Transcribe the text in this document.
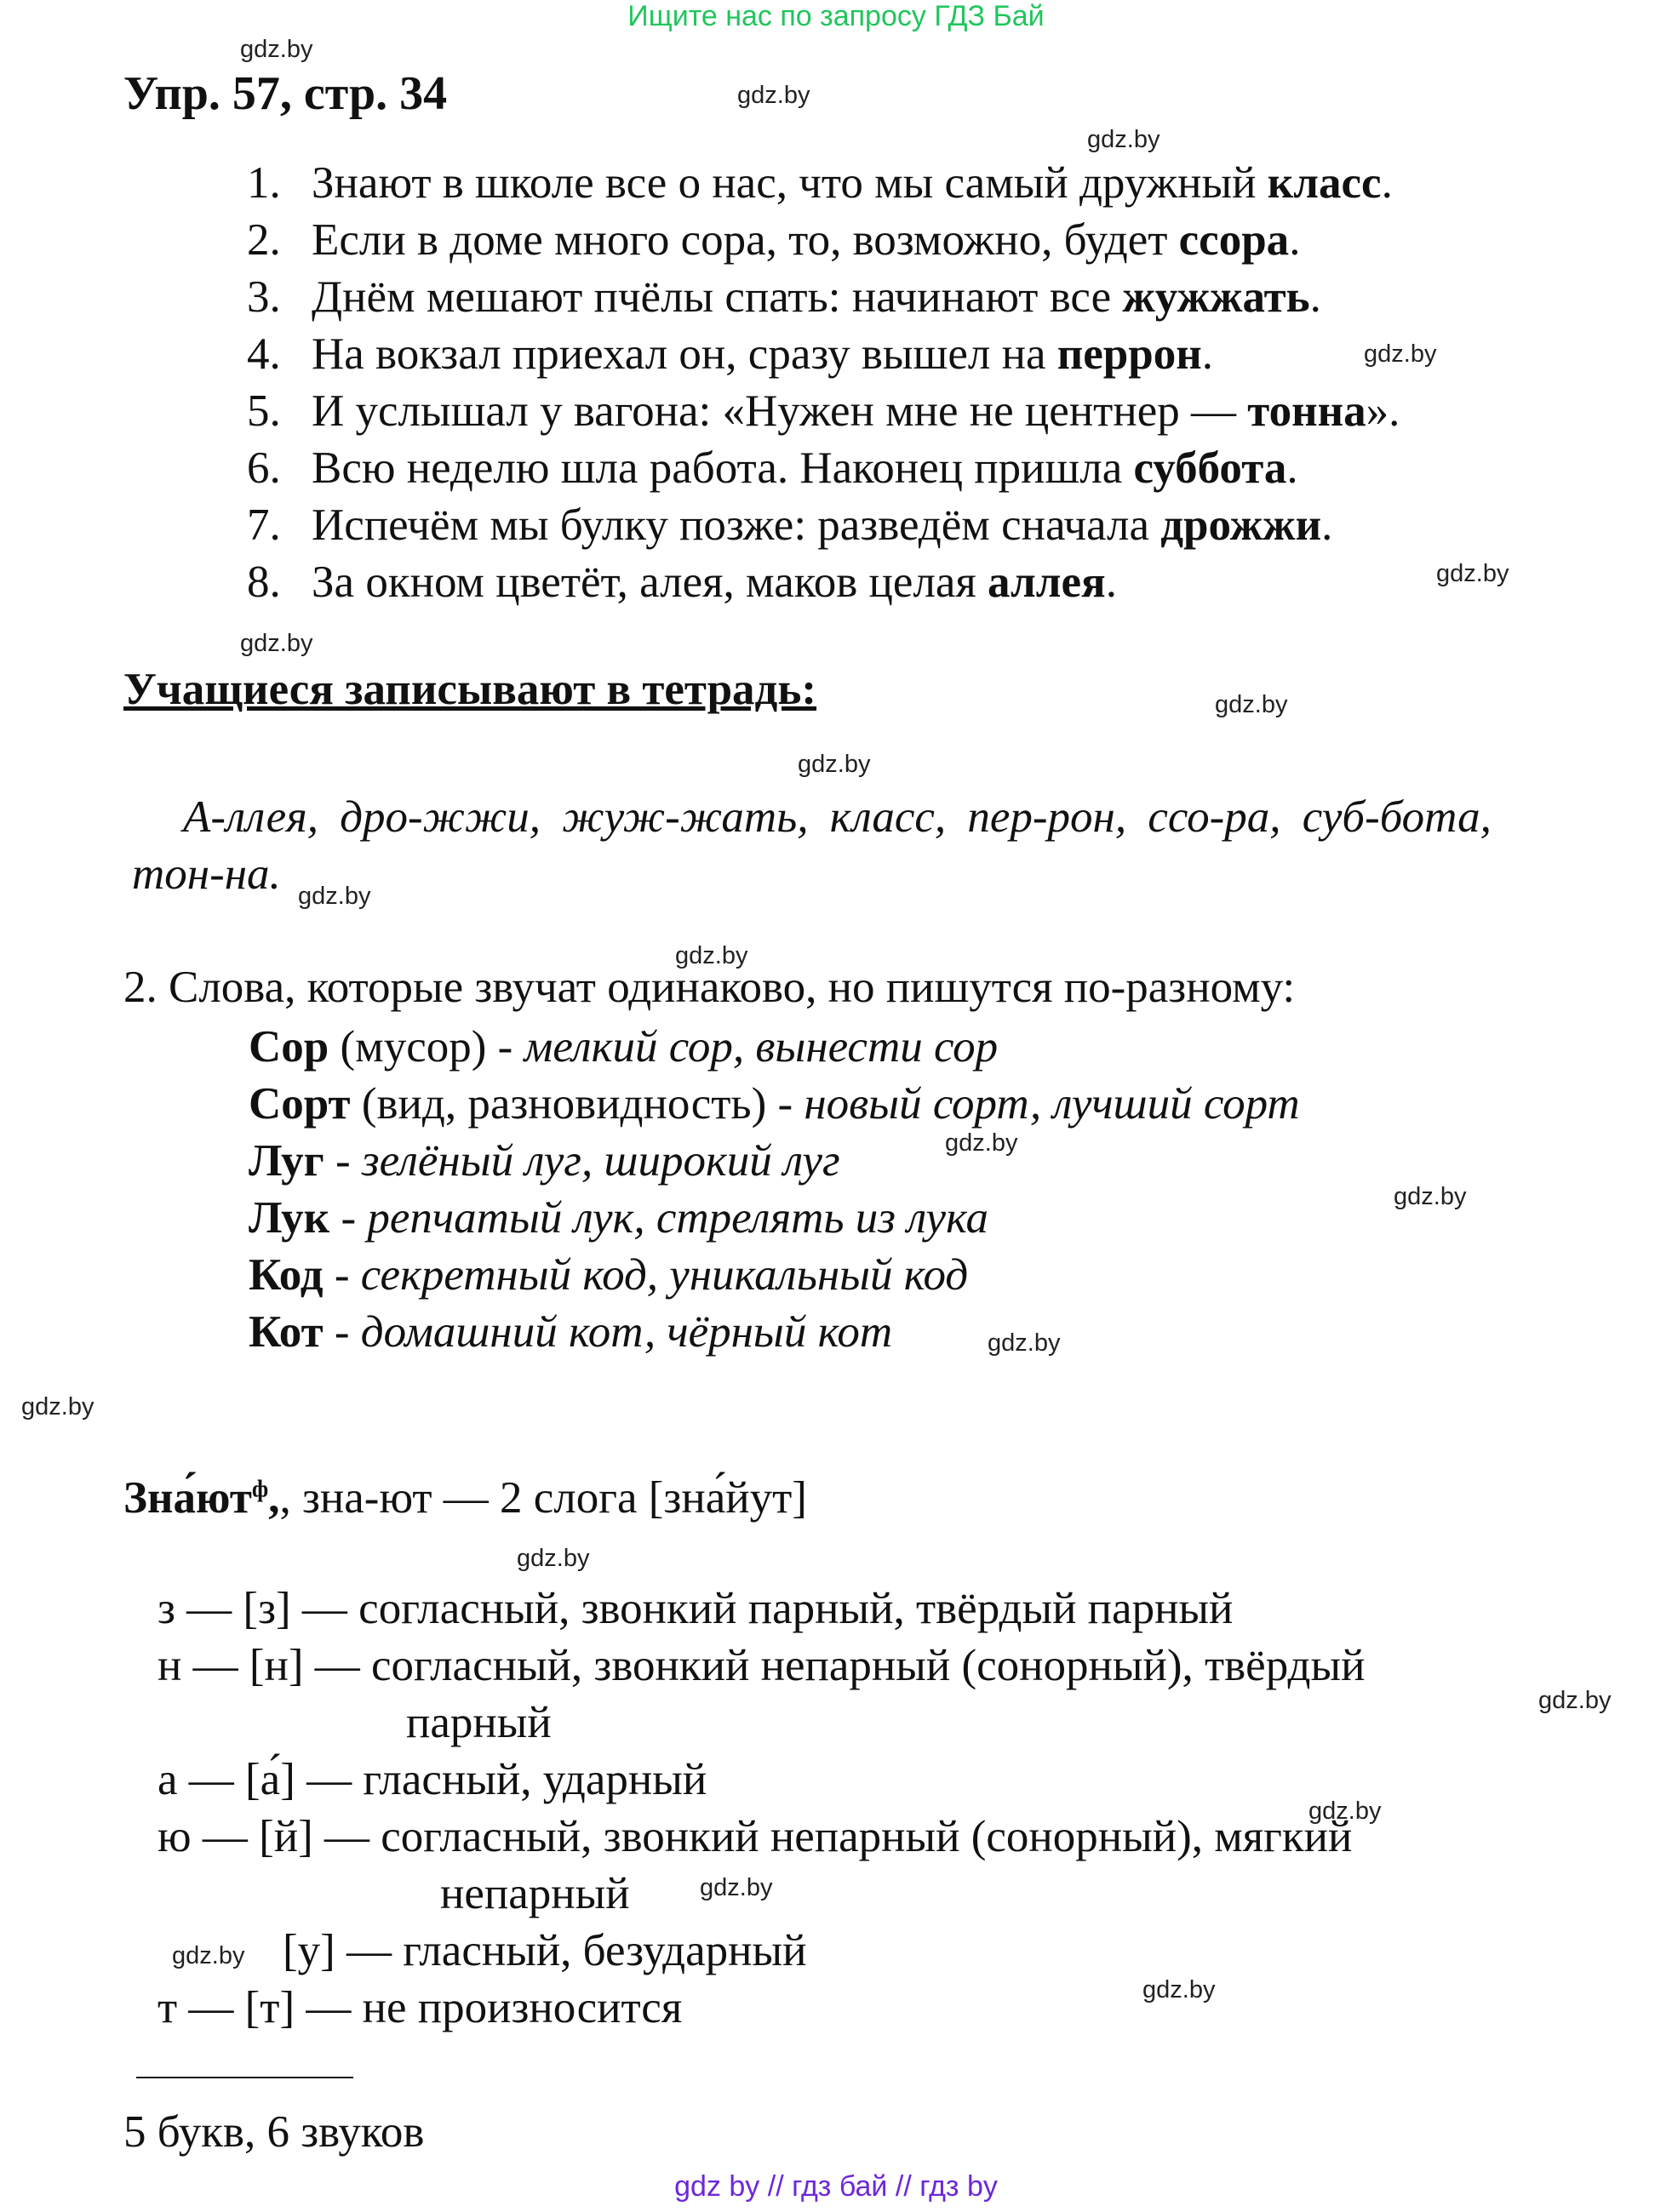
Ищите нас по запросу ГДЗ Бай
gdz.by
gdz.by
gdz.by
gdz.by
gdz.by
gdz.by
gdz.by
gdz.by
gdz.by
gdz.by
gdz.by
gdz.by
gdz.by
gdz.by
gdz.by
gdz.by
gdz.by
gdz.by
gdz.by
gdz.by
Упр. 57, стр. 34
1. Знают в школе все о нас, что мы самый дружный класс.
2. Если в доме много сора, то, возможно, будет ссора.
3. Днём мешают пчёлы спать: начинают все жужжать.
4. На вокзал приехал он, сразу вышел на перрон.
5. И услышал у вагона: «Нужен мне не центнер — тонна».
6. Всю неделю шла работа. Наконец пришла суббота.
7. Испечём мы булку позже: разведём сначала дрожжи.
8. За окном цветёт, алея, маков целая аллея.
Учащиеся записывают в тетрадь:
А-ллея, дро-жжи, жуж-жать, класс, пер-рон, ссо-ра, суб-бота,
тон-на.
2. Слова, которые звучат одинаково, но пишутся по-разному:
Сор (мусор) - мелкий сор, вынести сор
Сорт (вид, разновидность) - новый сорт, лучший сорт
Луг - зелёный луг, широкий луг
Лук - репчатый лук, стрелять из лука
Код - секретный код, уникальный код
Кот - домашний кот, чёрный кот
$Зна́ют^ф$,, зна-ют — 2 слога [зна́йут]
з — [з] — согласный, звонкий парный, твёрдый парный
н — [н] — согласный, звонкий непарный (сонорный), твёрдый
парный
а — [а́] — гласный, ударный
ю — [й] — согласный, звонкий непарный (сонорный), мягкий
непарный
[у] — гласный, безударный
т — [т] — не произносится
5 букв, 6 звуков
gdz by // гдз бай // гдз by
